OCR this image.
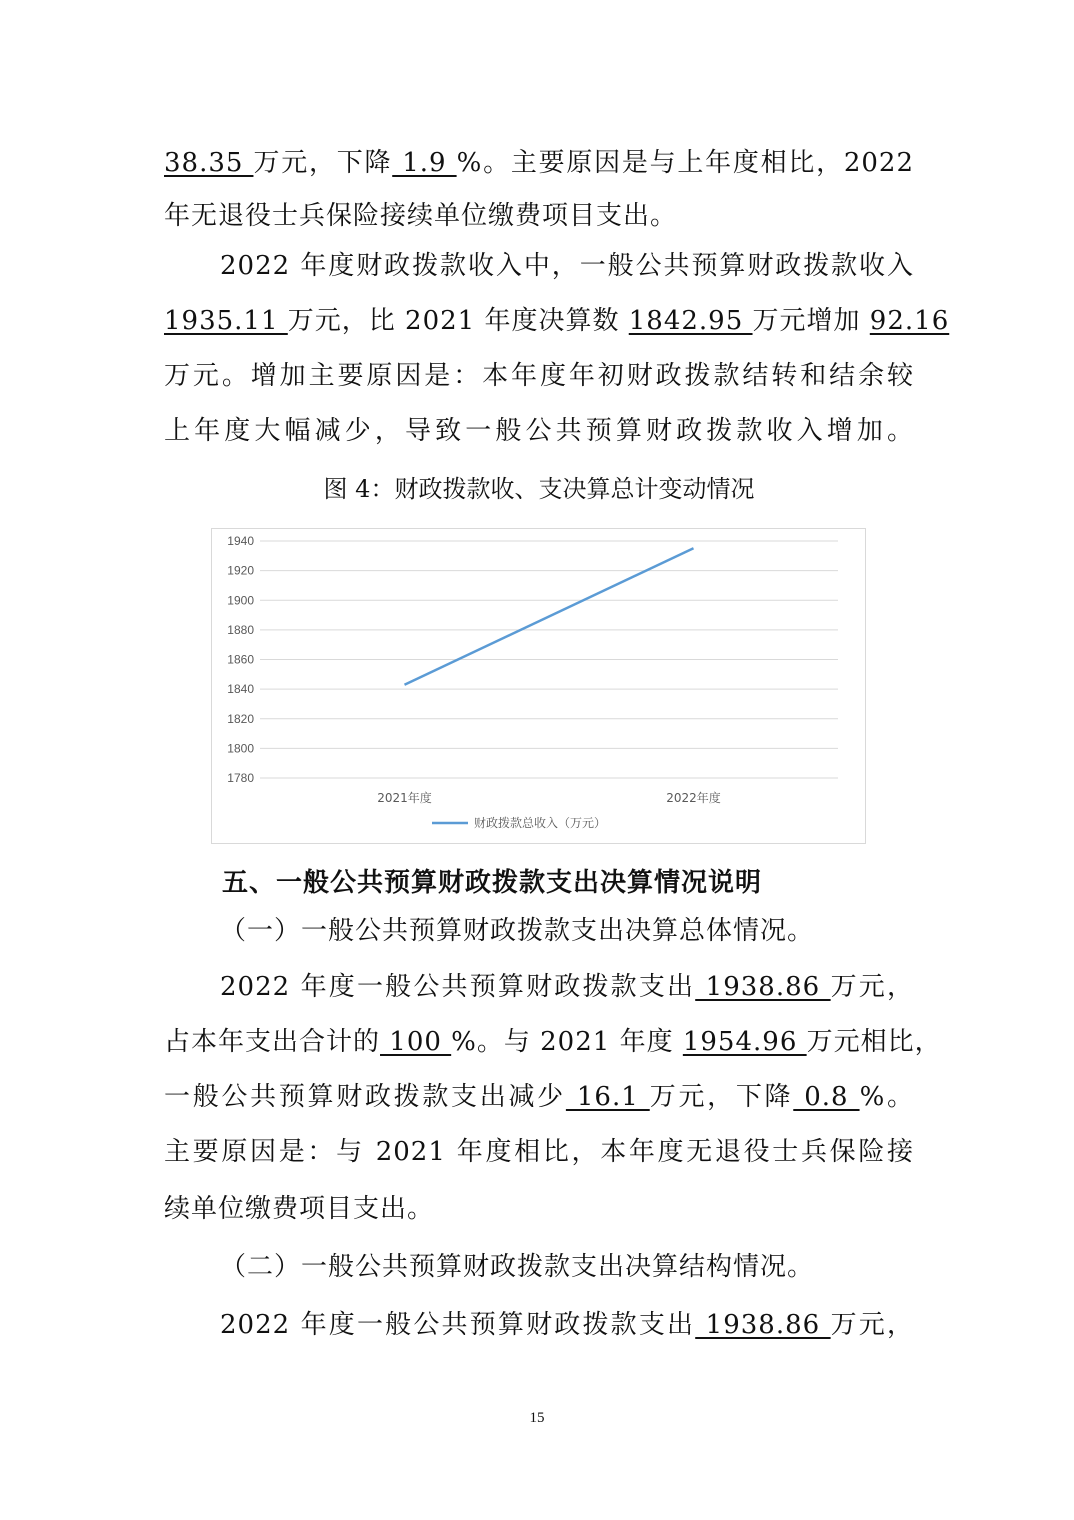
38.35 万元，下降 1.9 %。主要原因是与上年度相比，2022
年无退役士兵保险接续单位缴费项目支出。
2022 年度财政拨款收入中，一般公共预算财政拨款收入
1935.11 万元，比 2021 年度决算数 1842.95 万元增加 92.16
万元。增加主要原因是：本年度年初财政拨款结转和结余较
上年度大幅减少，导致一般公共预算财政拨款收入增加。
图 4：财政拨款收、支决算总计变动情况
1940
1920
1900
1880
1860
1840
1820
1800
1780
2021年度	2022年度
财政拨款总收入（万元）
五、一般公共预算财政拨款支出决算情况说明
（一）一般公共预算财政拨款支出决算总体情况。
2022 年度一般公共预算财政拨款支出 1938.86 万元，
占本年支出合计的 100 %。与 2021 年度 1954.96 万元相比，
一般公共预算财政拨款支出减少 16.1 万元，下降 0.8 %。
主要原因是：与 2021 年度相比，本年度无退役士兵保险接
续单位缴费项目支出。
（二）一般公共预算财政拨款支出决算结构情况。
2022 年度一般公共预算财政拨款支出 1938.86 万元，
15
